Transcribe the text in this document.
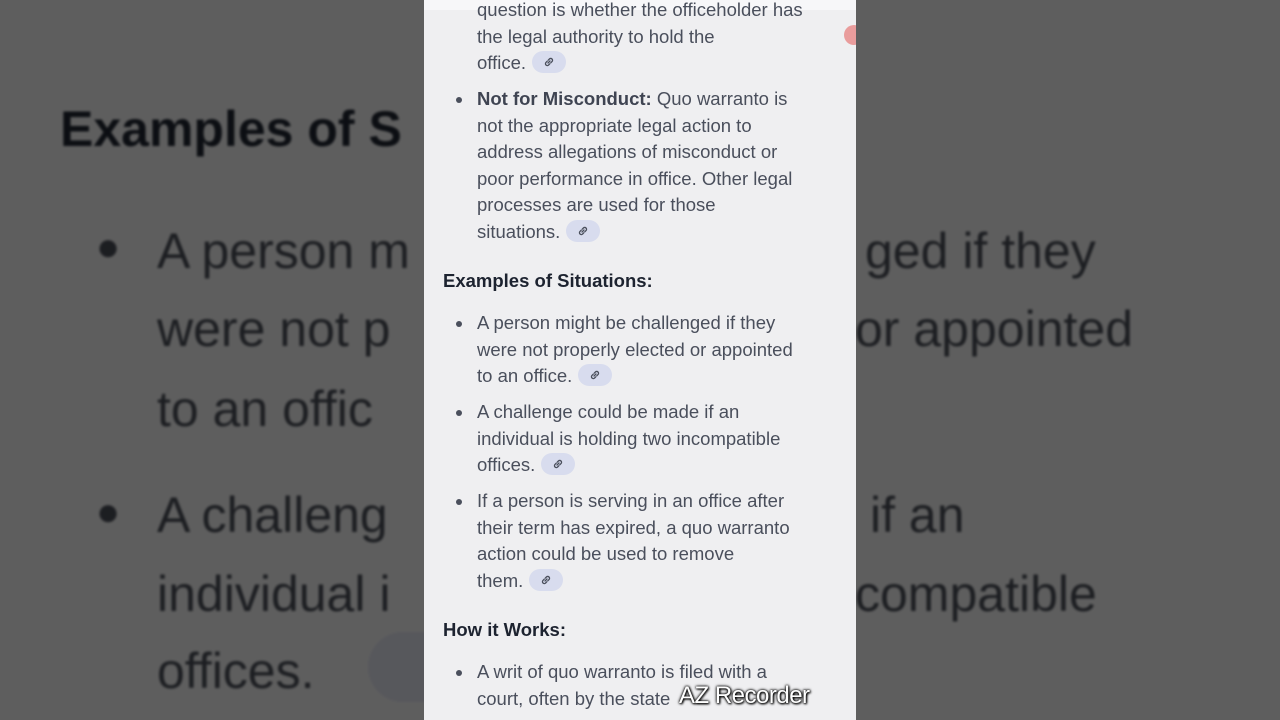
question is whether the officeholder has
the legal authority to hold the
office.
Not for Misconduct: Quo warranto is
not the appropriate legal action to
address allegations of misconduct or
poor performance in office. Other legal
processes are used for those
situations.
Examples of Situations:
A person might be challenged if they
were not properly elected or appointed
to an office.
A challenge could be made if an
individual is holding two incompatible
offices.
If a person is serving in an office after
their term has expired, a quo warranto
action could be used to remove
them.
How it Works:
A writ of quo warranto is filed with a
court, often by the state AZ Recorder
